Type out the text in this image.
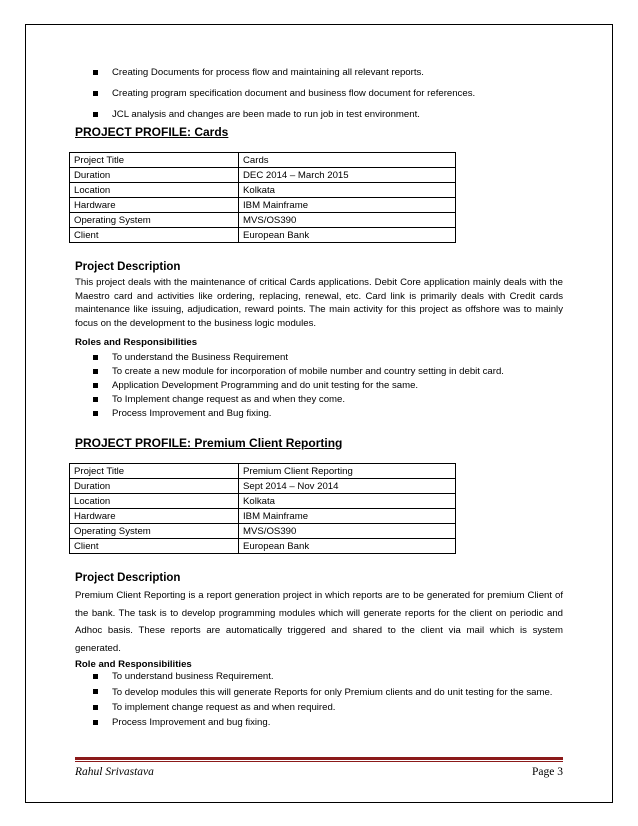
Creating Documents for process flow and maintaining all relevant reports.
Creating program specification document and business flow document for references.
JCL analysis and changes are been made to run job in test environment.
PROJECT PROFILE: Cards
Project Title	Cards
Duration	DEC 2014 – March 2015
Location	Kolkata
Hardware	IBM Mainframe
Operating System	MVS/OS390
Client	European Bank
Project Description
This project deals with the maintenance of critical Cards applications. Debit Core application mainly deals with the Maestro card and activities like ordering, replacing, renewal, etc. Card link is primarily deals with Credit cards maintenance like issuing, adjudication, reward points. The main activity for this project as offshore was to mainly focus on the development to the business logic modules.
Roles and Responsibilities
To understand the Business Requirement
To create a new module for incorporation of mobile number and country setting in debit card.
Application Development Programming and do unit testing for the same.
To Implement change request as and when they come.
Process Improvement and Bug fixing.
PROJECT PROFILE: Premium Client Reporting
Project Title	Premium Client Reporting
Duration	Sept 2014 – Nov 2014
Location	Kolkata
Hardware	IBM Mainframe
Operating System	MVS/OS390
Client	European Bank
Project Description
Premium Client Reporting is a report generation project in which reports are to be generated for premium Client of the bank. The task is to develop programming modules which will generate reports for the client on periodic and Adhoc basis. These reports are automatically triggered and shared to the client via mail which is system generated.
Role and Responsibilities
To understand business Requirement.
To develop modules this will generate Reports for only Premium clients and do unit testing for the same.
To implement change request as and when required.
Process Improvement and bug fixing.
Rahul Srivastava	Page 3
